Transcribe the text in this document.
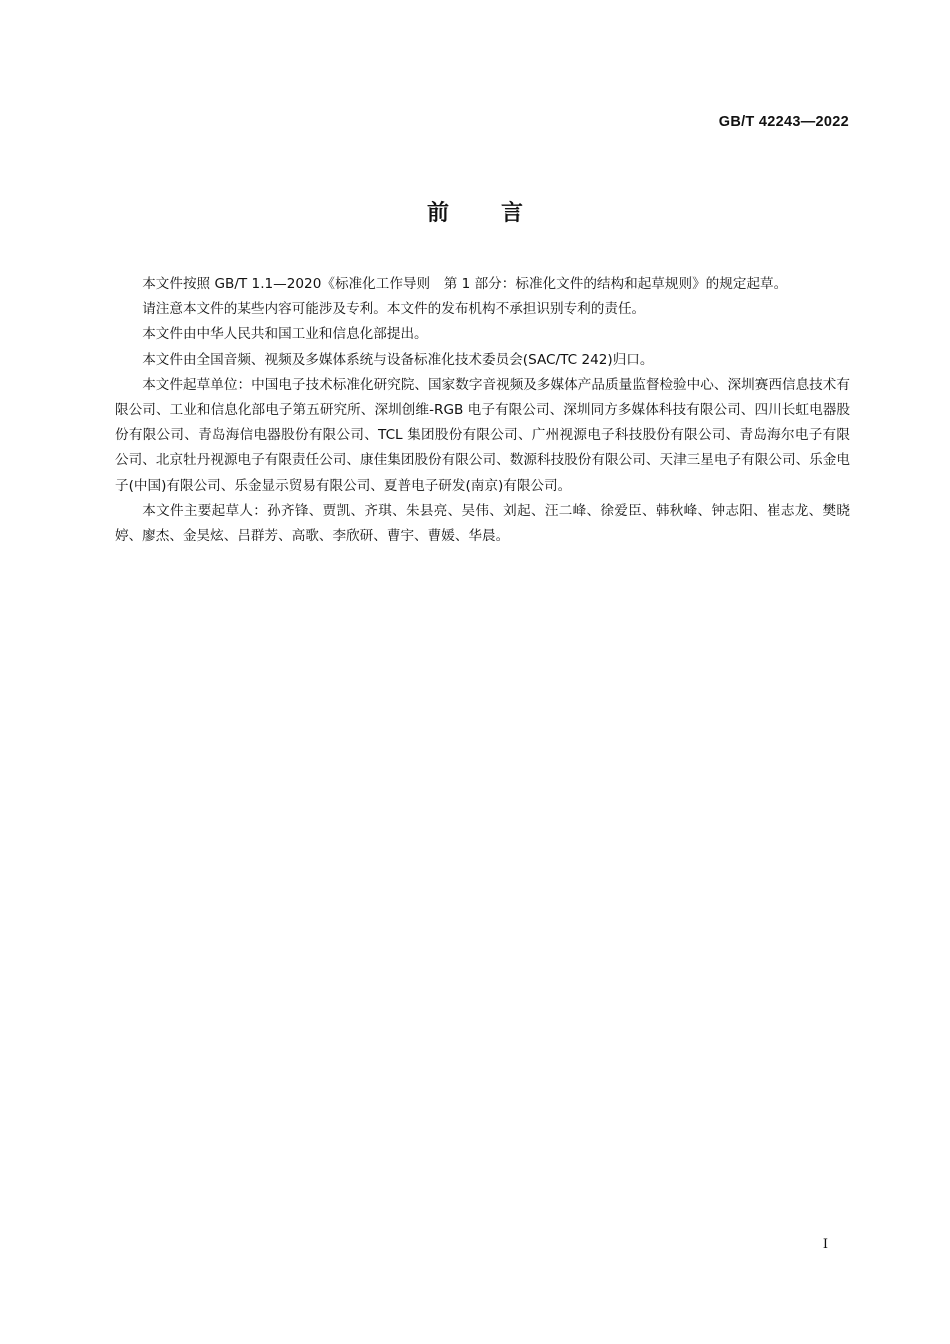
GB/T 42243—2022
前言

本文件按照 GB/T 1.1—2020《标准化工作导则　第 1 部分：标准化文件的结构和起草规则》的规定起草。

请注意本文件的某些内容可能涉及专利。本文件的发布机构不承担识别专利的责任。

本文件由中华人民共和国工业和信息化部提出。

本文件由全国音频、视频及多媒体系统与设备标准化技术委员会(SAC/TC 242)归口。

本文件起草单位：中国电子技术标准化研究院、国家数字音视频及多媒体产品质量监督检验中心、深圳赛西信息技术有限公司、工业和信息化部电子第五研究所、深圳创维-RGB 电子有限公司、深圳同方多媒体科技有限公司、四川长虹电器股份有限公司、青岛海信电器股份有限公司、TCL 集团股份有限公司、广州视源电子科技股份有限公司、青岛海尔电子有限公司、北京牡丹视源电子有限责任公司、康佳集团股份有限公司、数源科技股份有限公司、天津三星电子有限公司、乐金电子(中国)有限公司、乐金显示贸易有限公司、夏普电子研发(南京)有限公司。

本文件主要起草人：孙齐锋、贾凯、齐琪、朱县亮、吴伟、刘起、汪二峰、徐爱臣、韩秋峰、钟志阳、崔志龙、樊晓婷、廖杰、金昊炫、吕群芳、高歌、李欣研、曹宇、曹媛、华晨。

I
